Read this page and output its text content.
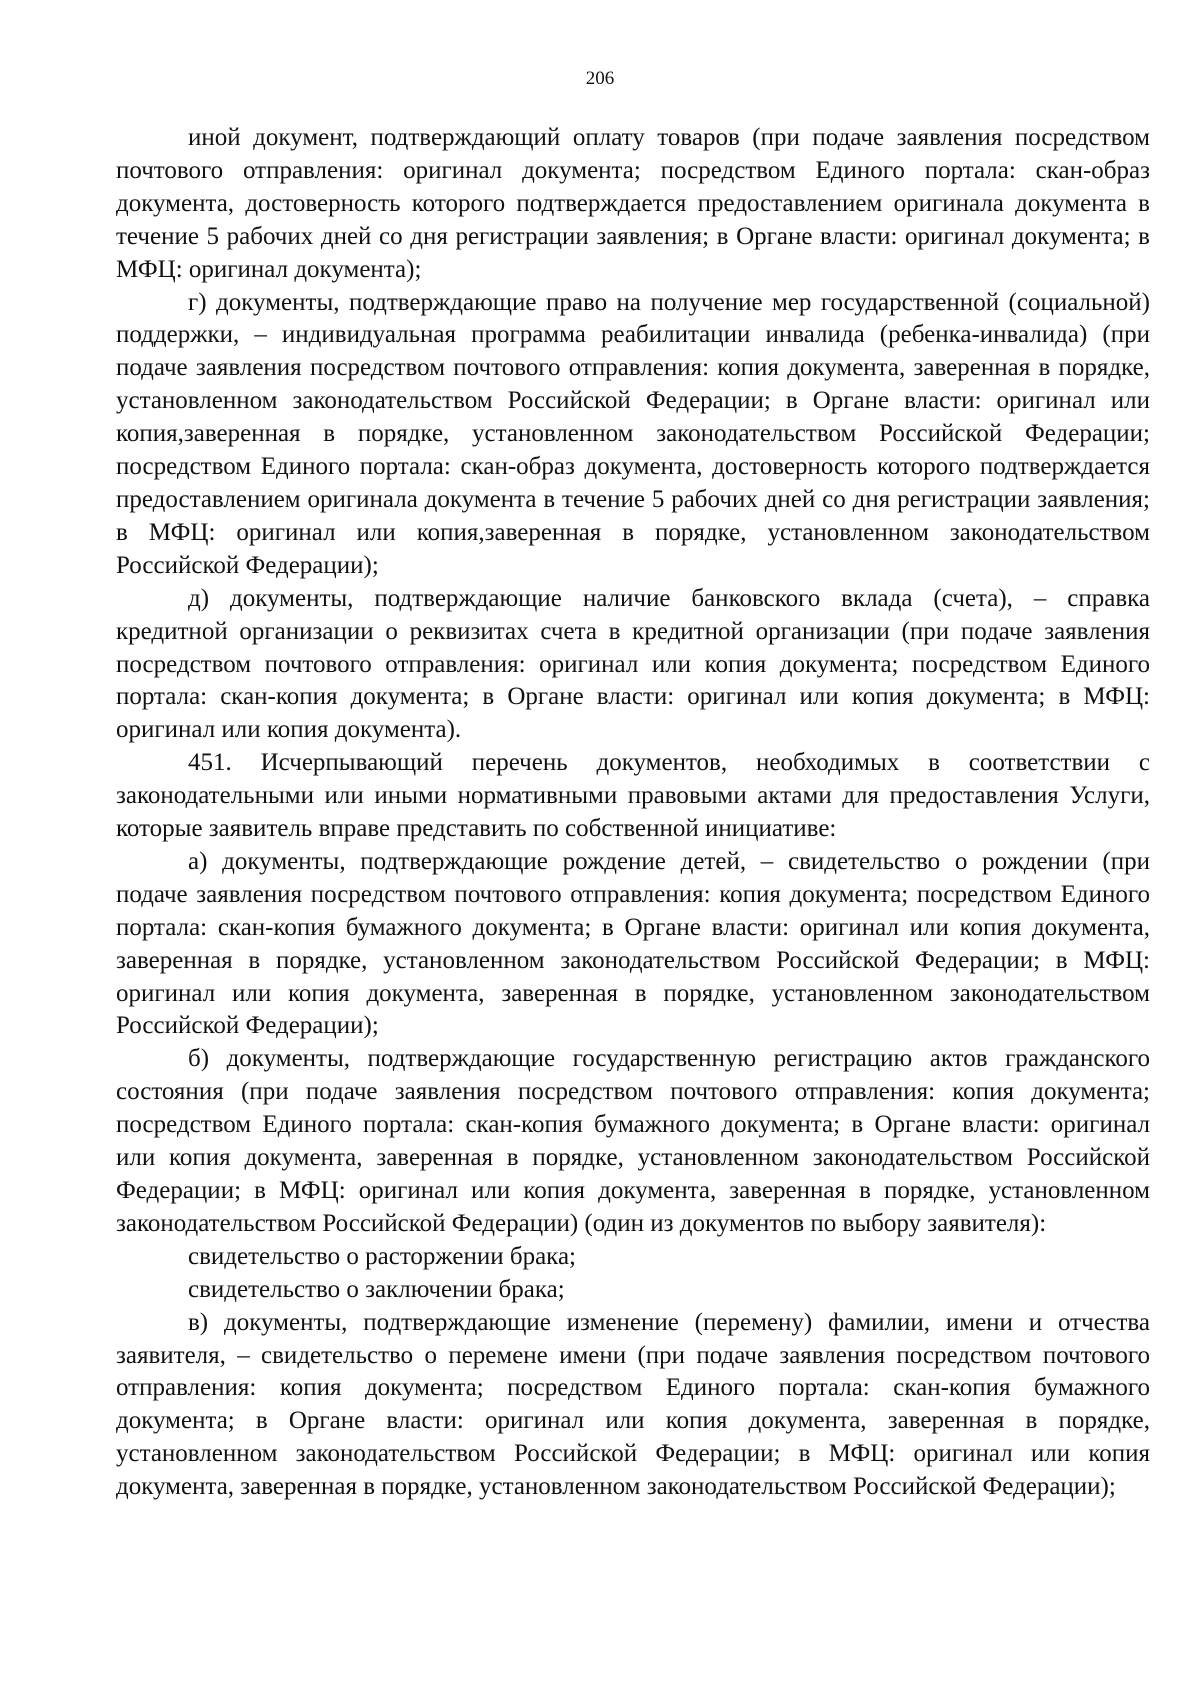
206

иной документ, подтверждающий оплату товаров (при подаче заявления посредством почтового отправления: оригинал документа; посредством Единого портала: скан-образ документа, достоверность которого подтверждается предоставлением оригинала документа в течение 5 рабочих дней со дня регистрации заявления; в Органе власти: оригинал документа; в МФЦ: оригинал документа);

г) документы, подтверждающие право на получение мер государственной (социальной) поддержки, – индивидуальная программа реабилитации инвалида (ребенка-инвалида) (при подаче заявления посредством почтового отправления: копия документа, заверенная в порядке, установленном законодательством Российской Федерации; в Органе власти: оригинал или копия,заверенная в порядке, установленном законодательством Российской Федерации; посредством Единого портала: скан-образ документа, достоверность которого подтверждается предоставлением оригинала документа в течение 5 рабочих дней со дня регистрации заявления; в МФЦ: оригинал или копия,заверенная в порядке, установленном законодательством Российской Федерации);

д) документы, подтверждающие наличие банковского вклада (счета), – справка кредитной организации о реквизитах счета в кредитной организации (при подаче заявления посредством почтового отправления: оригинал или копия документа; посредством Единого портала: скан-копия документа; в Органе власти: оригинал или копия документа; в МФЦ: оригинал или копия документа).

451. Исчерпывающий перечень документов, необходимых в соответствии с законодательными или иными нормативными правовыми актами для предоставления Услуги, которые заявитель вправе представить по собственной инициативе:

а) документы, подтверждающие рождение детей, – свидетельство о рождении (при подаче заявления посредством почтового отправления: копия документа; посредством Единого портала: скан-копия бумажного документа; в Органе власти: оригинал или копия документа, заверенная в порядке, установленном законодательством Российской Федерации; в МФЦ: оригинал или копия документа, заверенная в порядке, установленном законодательством Российской Федерации);

б) документы, подтверждающие государственную регистрацию актов гражданского состояния (при подаче заявления посредством почтового отправления: копия документа; посредством Единого портала: скан-копия бумажного документа; в Органе власти: оригинал или копия документа, заверенная в порядке, установленном законодательством Российской Федерации; в МФЦ: оригинал или копия документа, заверенная в порядке, установленном законодательством Российской Федерации) (один из документов по выбору заявителя):

свидетельство о расторжении брака;

свидетельство о заключении брака;

в) документы, подтверждающие изменение (перемену) фамилии, имени и отчества заявителя, – свидетельство о перемене имени (при подаче заявления посредством почтового отправления: копия документа; посредством Единого портала: скан-копия бумажного документа; в Органе власти: оригинал или копия документа, заверенная в порядке, установленном законодательством Российской Федерации; в МФЦ: оригинал или копия документа, заверенная в порядке, установленном законодательством Российской Федерации);
